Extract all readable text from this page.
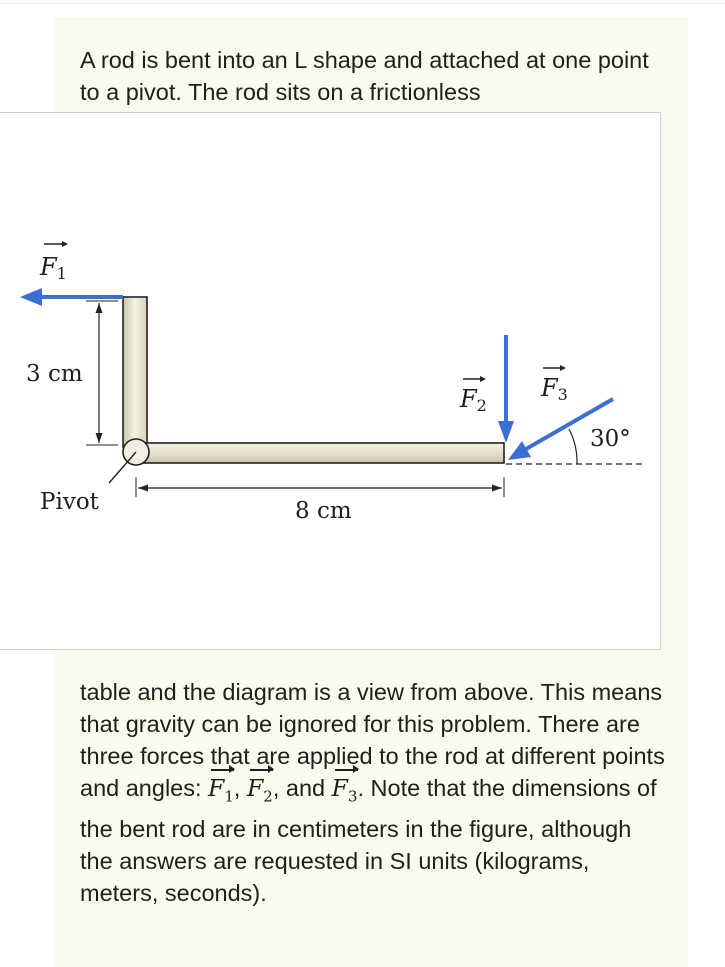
A rod is bent into an L shape and attached at one point to a pivot. The rod sits on a frictionless

F1
F2
F3
3 cm
8 cm
Pivot
30°

table and the diagram is a view from above. This means that gravity can be ignored for this problem. There are three forces that are applied to the rod at different points and angles: $F_1$, $F_2$, and $F_3$. Note that the dimensions of the bent rod are in centimeters in the figure, although the answers are requested in SI units (kilograms, meters, seconds).
